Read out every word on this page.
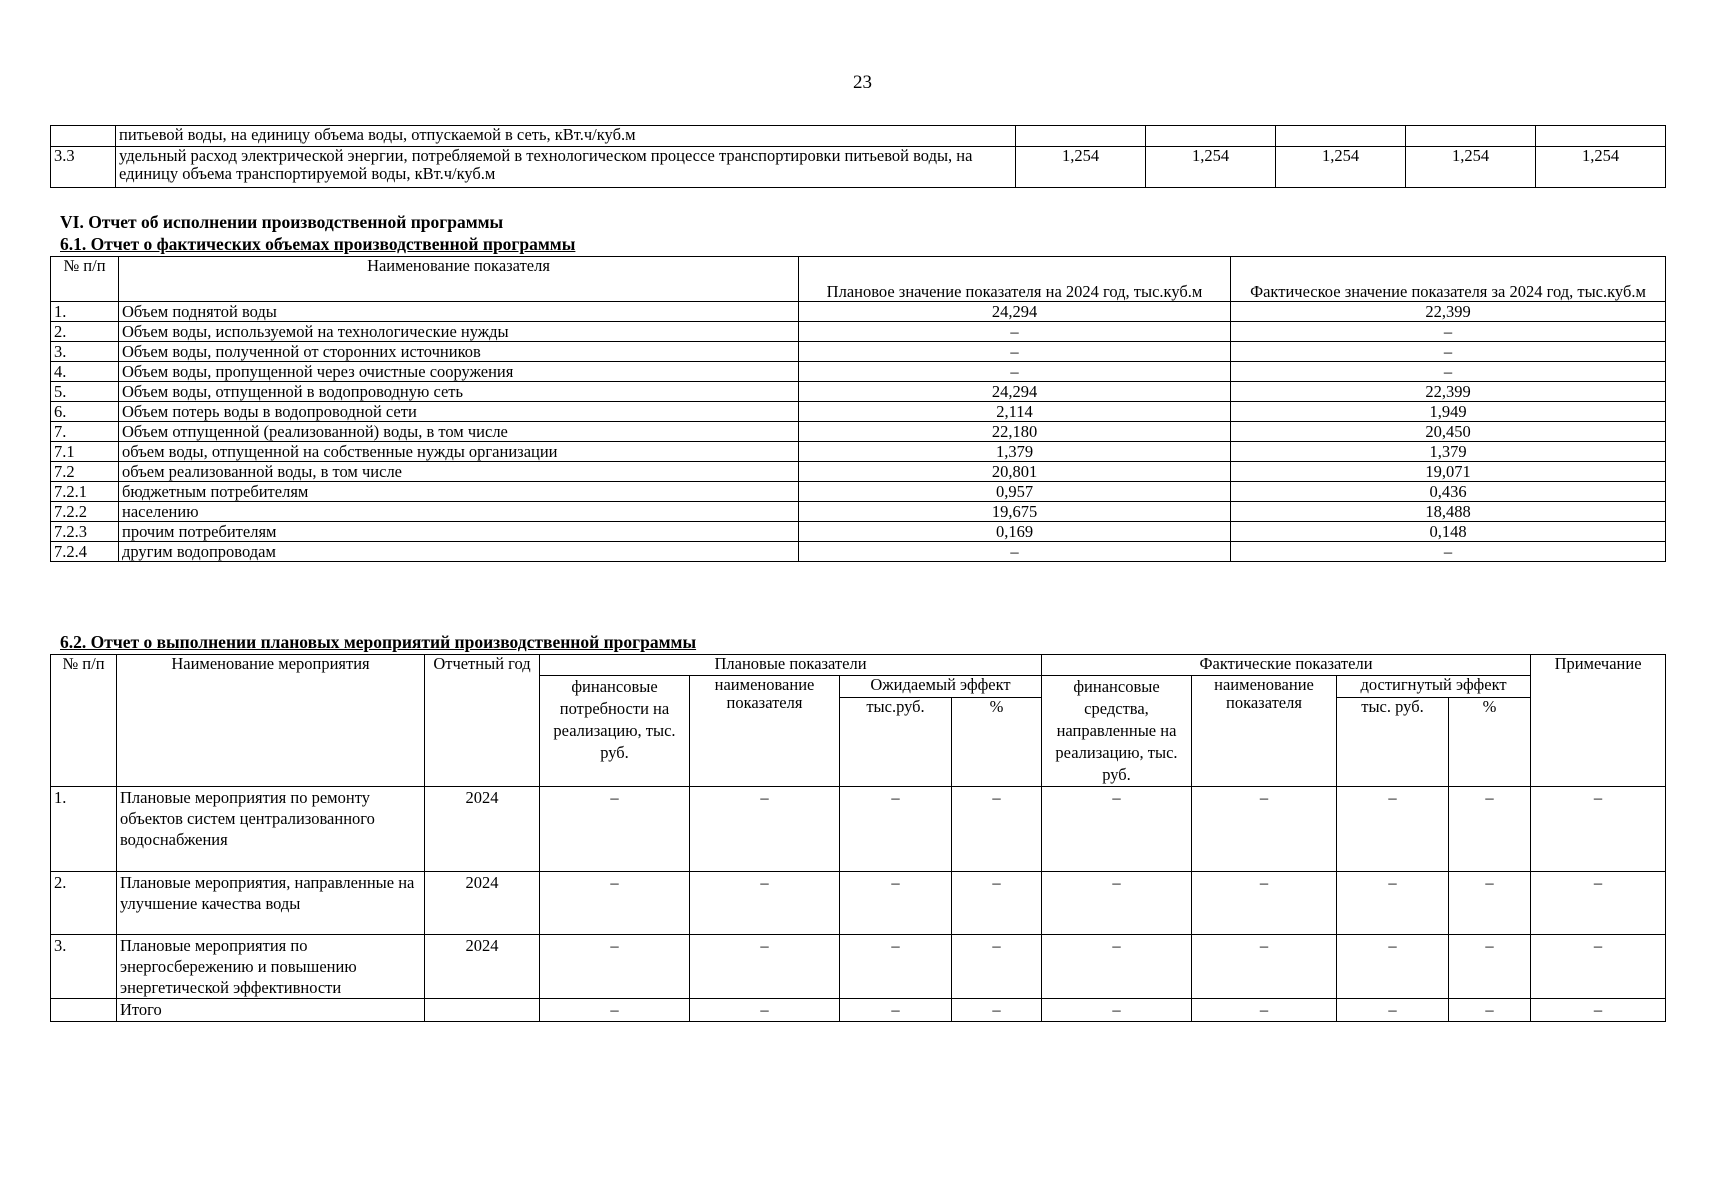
23
	питьевой воды, на единицу объема воды, отпускаемой в сеть, кВт.ч/куб.м					
3.3	удельный расход электрической энергии, потребляемой в технологическом процессе транспортировки питьевой воды, на единицу объема транспортируемой воды, кВт.ч/куб.м	1,254	1,254	1,254	1,254	1,254
VI. Отчет об исполнении производственной программы
6.1. Отчет о фактических объемах производственной программы
№ п/п	Наименование показателя	Плановое значение показателя на 2024 год, тыс.куб.м	Фактическое значение показателя за 2024 год, тыс.куб.м
1.	Объем поднятой воды	24,294	22,399
2.	Объем воды, используемой на технологические нужды	–	–
3.	Объем воды, полученной от сторонних источников	–	–
4.	Объем воды, пропущенной через очистные сооружения	–	–
5.	Объем воды, отпущенной в водопроводную сеть	24,294	22,399
6.	Объем потерь воды в водопроводной сети	2,114	1,949
7.	Объем отпущенной (реализованной) воды, в том числе	22,180	20,450
7.1	объем воды, отпущенной на собственные нужды организации	1,379	1,379
7.2	объем реализованной воды, в том числе	20,801	19,071
7.2.1	бюджетным потребителям	0,957	0,436
7.2.2	населению	19,675	18,488
7.2.3	прочим потребителям	0,169	0,148
7.2.4	другим водопроводам	–	–
6.2. Отчет о выполнении плановых мероприятий производственной программы
№ п/п	Наименование мероприятия	Отчетный год	Плановые показатели				Фактические показатели				Примечание
			финансовые потребности на реализацию, тыс. руб.	наименование показателя	Ожидаемый эффект		финансовые средства, направленные на реализацию, тыс. руб.	наименование показателя	достигнутый эффект		
					тыс.руб.	%			тыс. руб.	%	
1.	Плановые мероприятия по ремонту объектов систем централизованного водоснабжения	2024	–	–	–	–	–	–	–	–	–
2.	Плановые мероприятия, направленные на улучшение качества воды	2024	–	–	–	–	–	–	–	–	–
3.	Плановые мероприятия по энергосбережению и повышению энергетической эффективности	2024	–	–	–	–	–	–	–	–	–
	Итого		–	–	–	–	–	–	–	–	–
